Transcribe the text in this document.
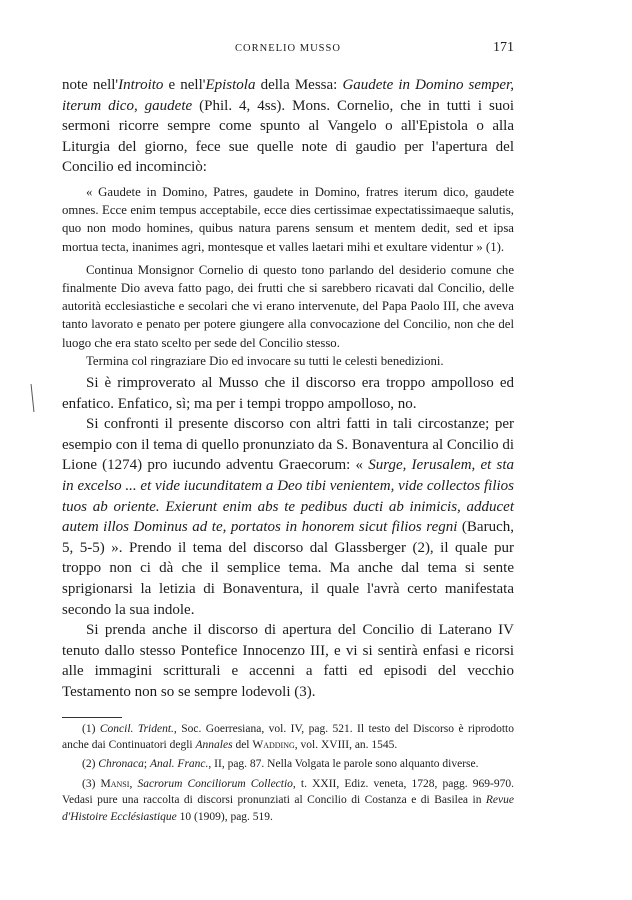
CORNELIO MUSSO	171

note nell'Introito e nell'Epistola della Messa: Gaudete in Domino semper, iterum dico, gaudete (Phil. 4, 4ss). Mons. Cornelio, che in tutti i suoi sermoni ricorre sempre come spunto al Vangelo o all'Epistola o alla Liturgia del giorno, fece sue quelle note di gaudio per l'apertura del Concilio ed incominciò:

« Gaudete in Domino, Patres, gaudete in Domino, fratres iterum dico, gaudete omnes. Ecce enim tempus acceptabile, ecce dies certissimae expectatissimaeque salutis, quo non modo homines, quibus natura parens sensum et mentem dedit, sed et ipsa mortua tecta, inanimes agri, montesque et valles laetari mihi et exultare videntur » (1).

Continua Monsignor Cornelio di questo tono parlando del desiderio comune che finalmente Dio aveva fatto pago, dei frutti che si sarebbero ricavati dal Concilio, delle autorità ecclesiastiche e secolari che vi erano intervenute, del Papa Paolo III, che aveva tanto lavorato e penato per potere giungere alla convocazione del Concilio, non che del luogo che era stato scelto per sede del Concilio stesso.

Termina col ringraziare Dio ed invocare su tutti le celesti benedizioni.

Si è rimproverato al Musso che il discorso era troppo ampolloso ed enfatico. Enfatico, sì; ma per i tempi troppo ampolloso, no.

Si confronti il presente discorso con altri fatti in tali circostanze; per esempio con il tema di quello pronunziato da S. Bonaventura al Concilio di Lione (1274) pro iucundo adventu Graecorum: « Surge, Ierusalem, et sta in excelso ... et vide iucunditatem a Deo tibi venientem, vide collectos filios tuos ab oriente. Exierunt enim abs te pedibus ducti ab inimicis, adducet autem illos Dominus ad te, portatos in honorem sicut filios regni (Baruch, 5, 5-5) ». Prendo il tema del discorso dal Glassberger (2), il quale pur troppo non ci dà che il semplice tema. Ma anche dal tema si sente sprigionarsi la letizia di Bonaventura, il quale l'avrà certo manifestata secondo la sua indole.

Si prenda anche il discorso di apertura del Concilio di Laterano IV tenuto dallo stesso Pontefice Innocenzo III, e vi si sentirà enfasi e ricorsi alle immagini scritturali e accenni a fatti ed episodi del vecchio Testamento non so se sempre lodevoli (3).

(1) Concil. Trident., Soc. Goerresiana, vol. IV, pag. 521. Il testo del Discorso è riprodotto anche dai Continuatori degli Annales del Wadding, vol. XVIII, an. 1545.

(2) Chronaca; Anal. Franc., II, pag. 87. Nella Volgata le parole sono alquanto diverse.

(3) Mansi, Sacrorum Conciliorum Collectio, t. XXII, Ediz. veneta, 1728, pagg. 969-970. Vedasi pure una raccolta di discorsi pronunziati al Concilio di Costanza e di Basilea in Revue d'Histoire Ecclésiastique 10 (1909), pag. 519.
